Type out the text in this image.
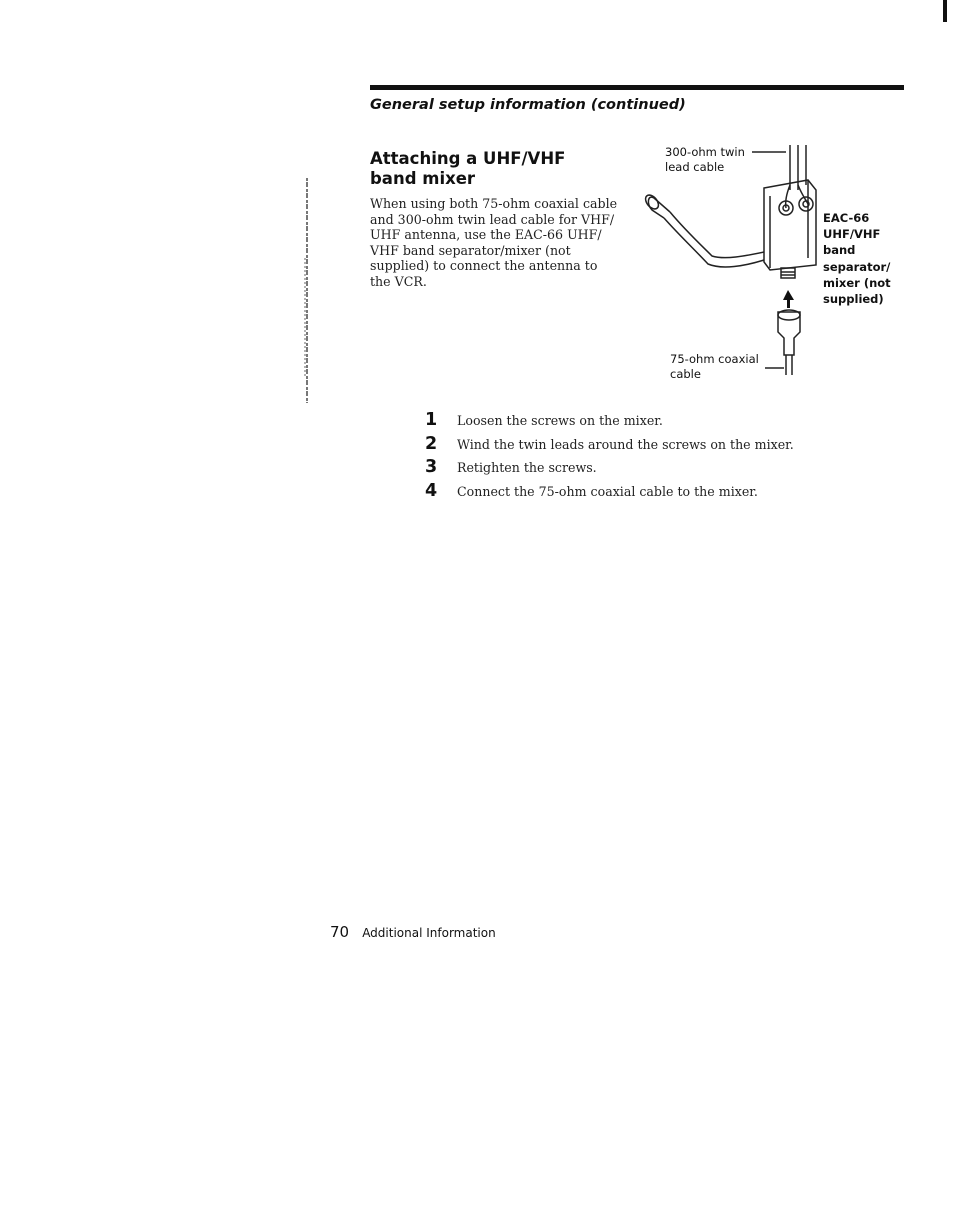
General setup information (continued)
Attaching a UHF/VHF band mixer
When using both 75-ohm coaxial cable and 300-ohm twin lead cable for VHF/ UHF antenna, use the EAC-66 UHF/ VHF band separator/mixer (not supplied) to connect the antenna to the VCR.
300-ohm twin lead cable
EAC-66 UHF/VHF band separator/ mixer (not supplied)
75-ohm coaxial cable
1 Loosen the screws on the mixer.
2 Wind the twin leads around the screws on the mixer.
3 Retighten the screws.
4 Connect the 75-ohm coaxial cable to the mixer.
70 Additional Information
